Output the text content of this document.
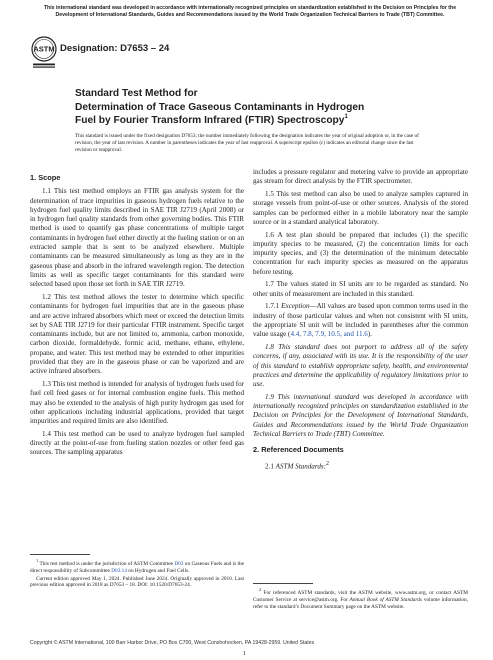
This international standard was developed in accordance with internationally recognized principles on standardization established in the Decision on Principles for the Development of International Standards, Guides and Recommendations issued by the World Trade Organization Technical Barriers to Trade (TBT) Committee.
ASTM Designation: D7653 – 24
Standard Test Method for
Determination of Trace Gaseous Contaminants in Hydrogen
Fuel by Fourier Transform Infrared (FTIR) Spectroscopy$^1$
This standard is issued under the fixed designation D7653; the number immediately following the designation indicates the year of original adoption or, in the case of revision, the year of last revision. A number in parentheses indicates the year of last reapproval. A superscript epsilon (ε) indicates an editorial change since the last revision or reapproval.
1. Scope

1.1 This test method employs an FTIR gas analysis system for the determination of trace impurities in gaseous hydrogen fuels relative to the hydrogen fuel quality limits described in SAE TIR J2719 (April 2008) or in hydrogen fuel quality standards from other governing bodies. This FTIR method is used to quantify gas phase concentrations of multiple target contaminants in hydrogen fuel either directly at the fueling station or on an extracted sample that is sent to be analyzed elsewhere. Multiple contaminants can be measured simultaneously as long as they are in the gaseous phase and absorb in the infrared wavelength region. The detection limits as well as specific target contaminants for this standard were selected based upon those set forth in SAE TIR J2719.

1.2 This test method allows the tester to determine which specific contaminants for hydrogen fuel impurities that are in the gaseous phase and are active infrared absorbers which meet or exceed the detection limits set by SAE TIR J2719 for their particular FTIR instrument. Specific target contaminants include, but are not limited to, ammonia, carbon monoxide, carbon dioxide, formaldehyde, formic acid, methane, ethane, ethylene, propane, and water. This test method may be extended to other impurities provided that they are in the gaseous phase or can be vaporized and are active infrared absorbers.

1.3 This test method is intended for analysis of hydrogen fuels used for fuel cell feed gases or for internal combustion engine fuels. This method may also be extended to the analysis of high purity hydrogen gas used for other applications including industrial applications, provided that target impurities and required limits are also identified.

1.4 This test method can be used to analyze hydrogen fuel sampled directly at the point-of-use from fueling station nozzles or other feed gas sources. The sampling apparatus

$^1$ This test method is under the jurisdiction of ASTM Committee D03 on Gaseous Fuels and is the direct responsibility of Subcommittee D03.14 on Hydrogen and Fuel Cells.

Current edition approved May 1, 2024. Published June 2024. Originally approved in 2010. Last previous edition approved in 2018 as D7653 – 18. DOI: 10.1520/D7653-24.

includes a pressure regulator and metering valve to provide an appropriate gas stream for direct analysis by the FTIR spectrometer.

1.5 This test method can also be used to analyze samples captured in storage vessels from point-of-use or other sources. Analysis of the stored samples can be performed either in a mobile laboratory near the sample source or in a standard analytical laboratory.

1.6 A test plan should be prepared that includes (1) the specific impurity species to be measured, (2) the concentration limits for each impurity species, and (3) the determination of the minimum detectable concentration for each impurity species as measured on the apparatus before testing.

1.7 The values stated in SI units are to be regarded as standard. No other units of measurement are included in this standard.

1.7.1 Exception—All values are based upon common terms used in the industry of those particular values and when not consistent with SI units, the appropriate SI unit will be included in parentheses after the common value usage (4.4, 7.8, 7.9, 10.5, and 11.6).

1.8 This standard does not purport to address all of the safety concerns, if any, associated with its use. It is the responsibility of the user of this standard to establish appropriate safety, health, and environmental practices and determine the applicability of regulatory limitations prior to use.

1.9 This international standard was developed in accordance with internationally recognized principles on standardization established in the Decision on Principles for the Development of International Standards, Guides and Recommendations issued by the World Trade Organization Technical Barriers to Trade (TBT) Committee.

2. Referenced Documents

2.1 ASTM Standards:$^2$

$^2$ For referenced ASTM standards, visit the ASTM website, www.astm.org, or contact ASTM Customer Service at service@astm.org. For Annual Book of ASTM Standards volume information, refer to the standard’s Document Summary page on the ASTM website.

Copyright © ASTM International, 100 Barr Harbor Drive, PO Box C700, West Conshohocken, PA 19428-2959. United States
1
